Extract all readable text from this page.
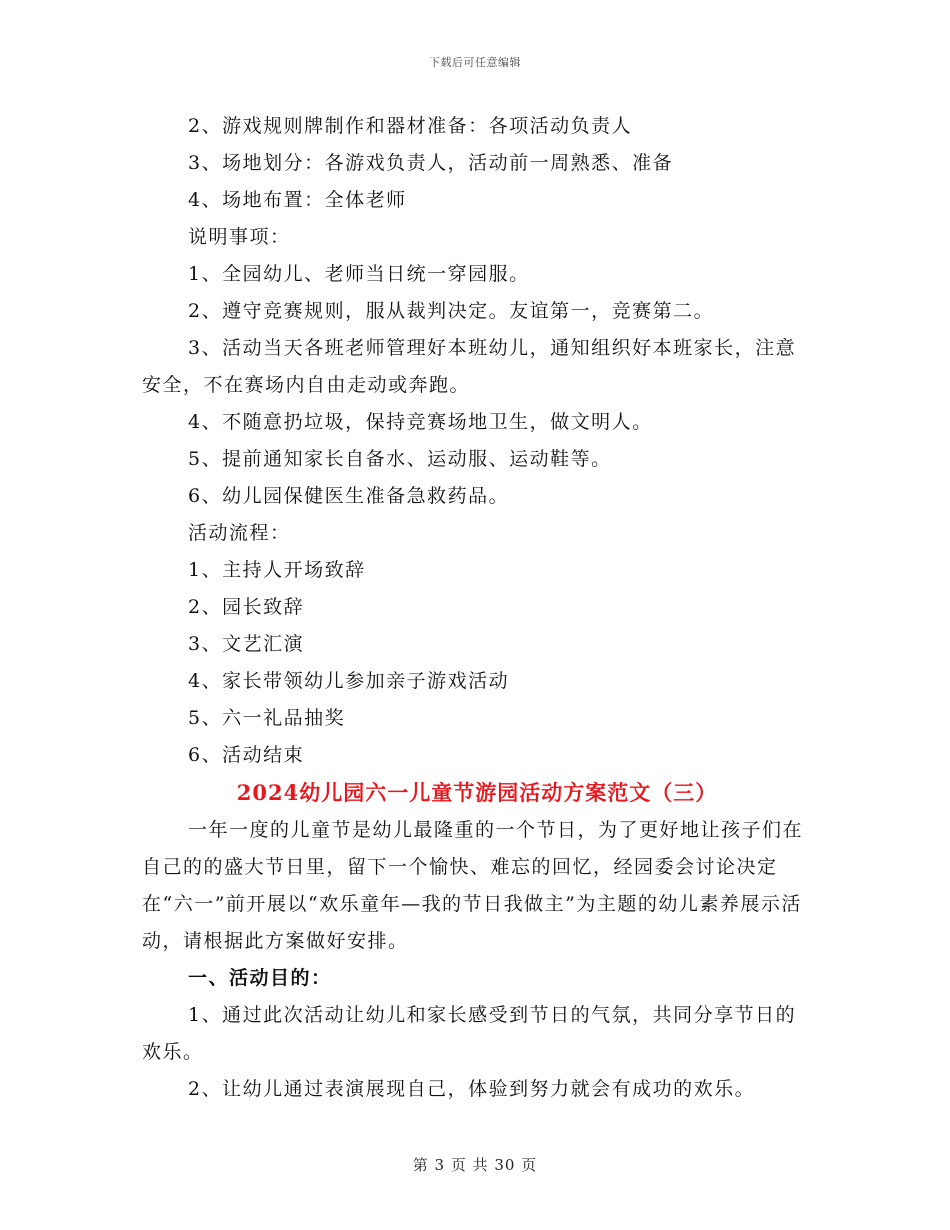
下载后可任意编辑

2、游戏规则牌制作和器材准备：各项活动负责人

3、场地划分：各游戏负责人，活动前一周熟悉、准备

4、场地布置：全体老师

说明事项：

1、全园幼儿、老师当日统一穿园服。

2、遵守竞赛规则，服从裁判决定。友谊第一，竞赛第二。

3、活动当天各班老师管理好本班幼儿，通知组织好本班家长，注意安全，不在赛场内自由走动或奔跑。

4、不随意扔垃圾，保持竞赛场地卫生，做文明人。

5、提前通知家长自备水、运动服、运动鞋等。

6、幼儿园保健医生准备急救药品。

活动流程：

1、主持人开场致辞

2、园长致辞

3、文艺汇演

4、家长带领幼儿参加亲子游戏活动

5、六一礼品抽奖

6、活动结束

2024幼儿园六一儿童节游园活动方案范文（三）

一年一度的儿童节是幼儿最隆重的一个节日，为了更好地让孩子们在自己的的盛大节日里，留下一个愉快、难忘的回忆，经园委会讨论决定在“六一”前开展以“欢乐童年—我的节日我做主”为主题的幼儿素养展示活动，请根据此方案做好安排。

一、活动目的：

1、通过此次活动让幼儿和家长感受到节日的气氛，共同分享节日的欢乐。

2、让幼儿通过表演展现自己，体验到努力就会有成功的欢乐。

第 3 页 共 30 页
